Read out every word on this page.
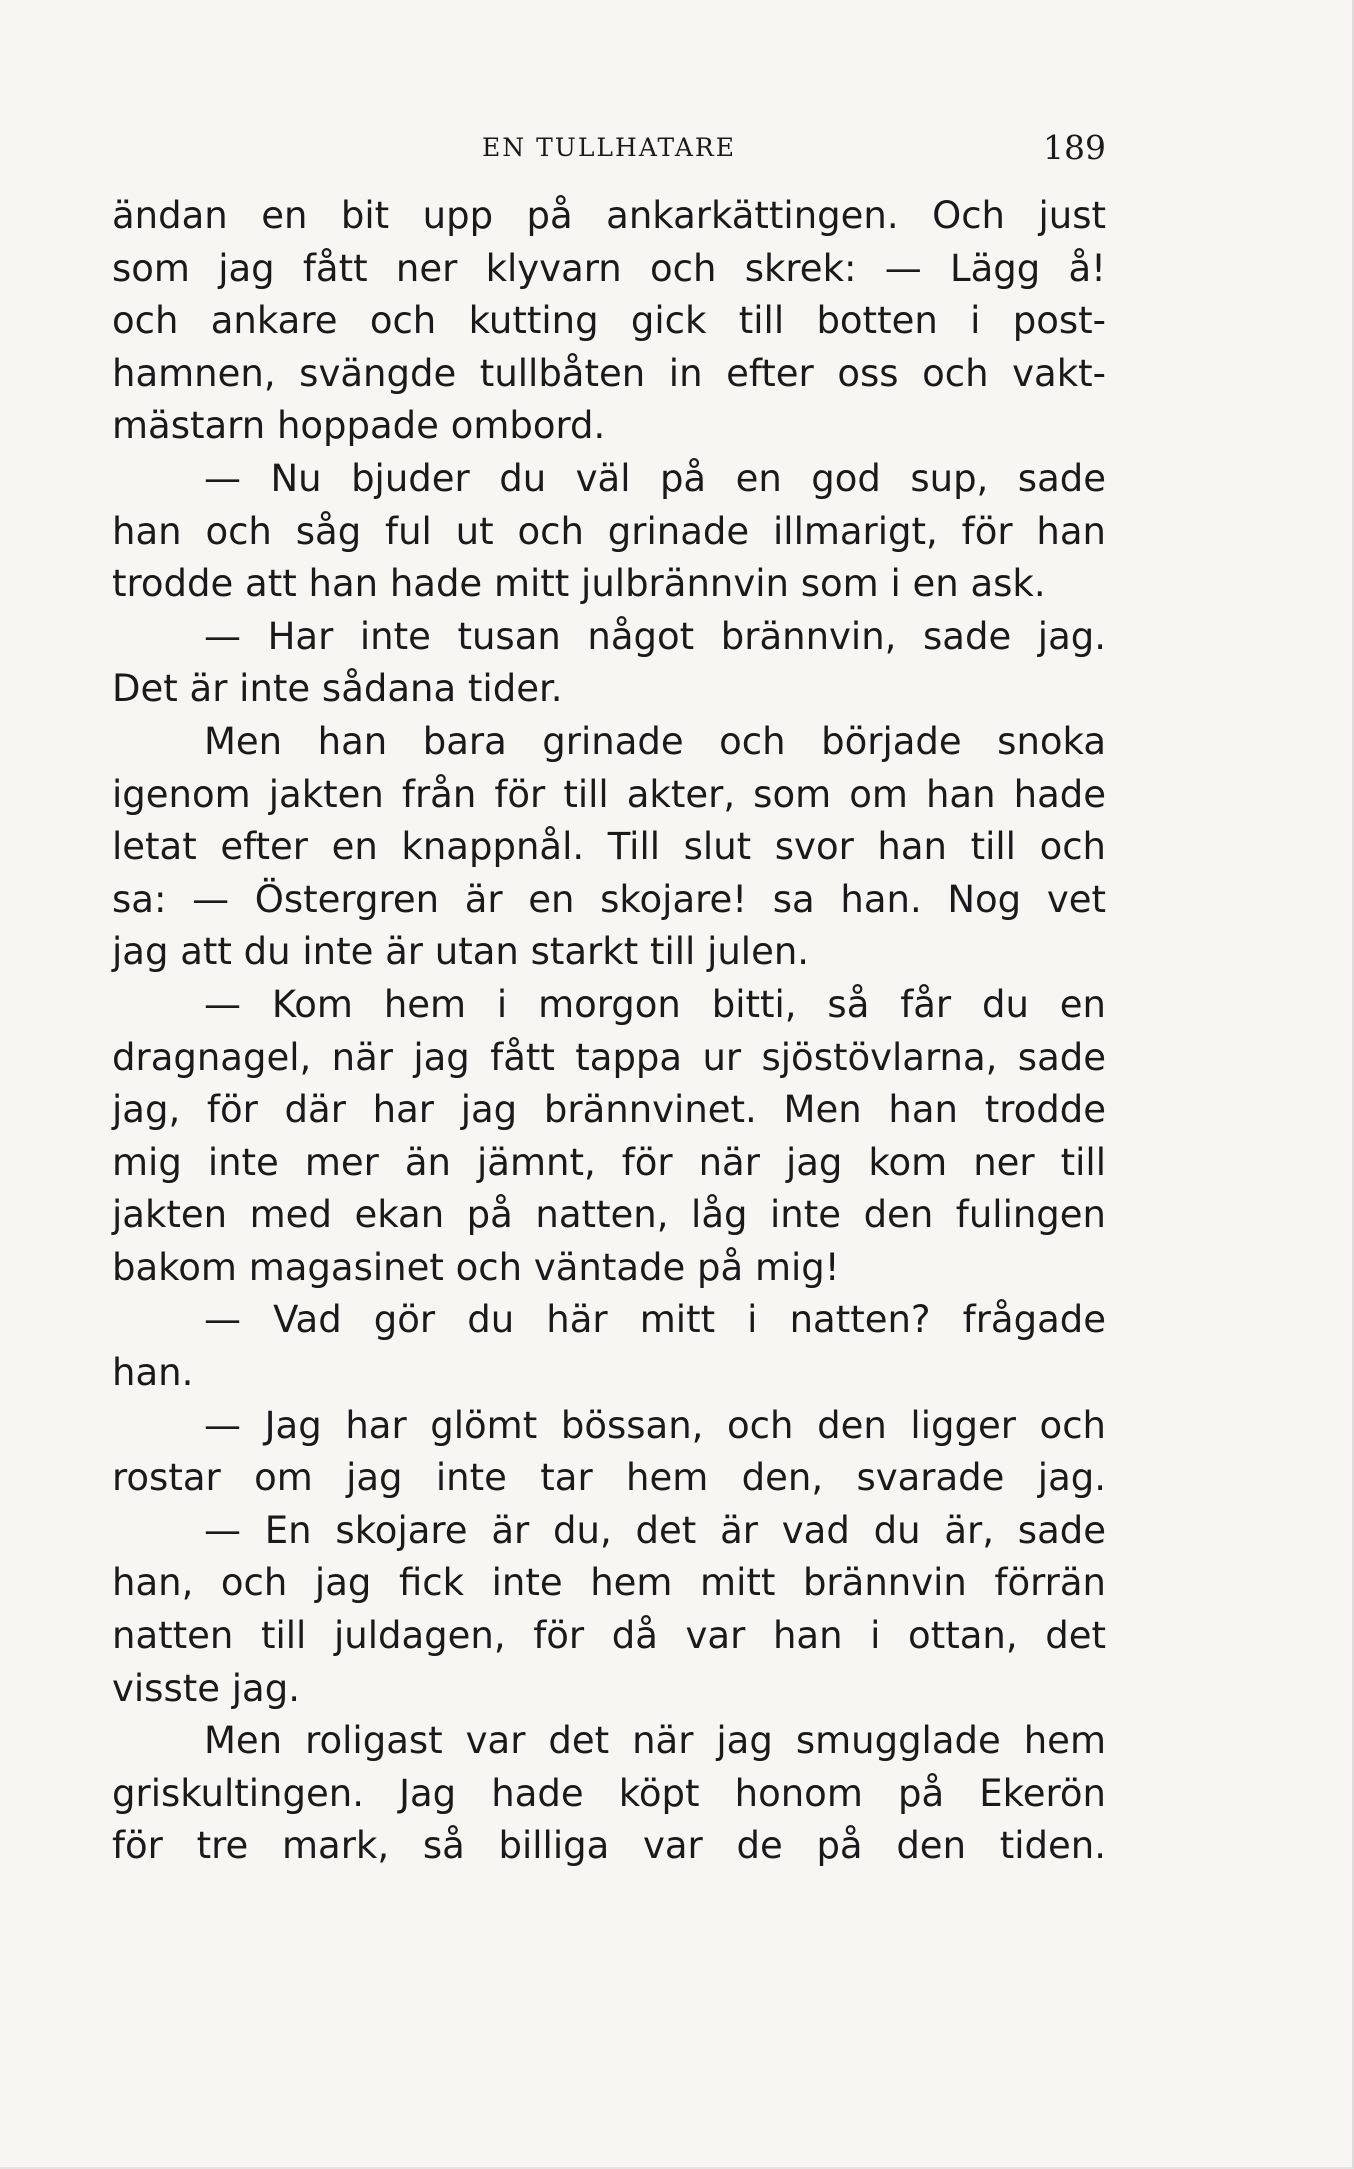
EN TULLHATARE	189
ändan en bit upp på ankarkättingen. Och just
som jag fått ner klyvarn och skrek: — Lägg å!
och ankare och kutting gick till botten i post-
hamnen, svängde tullbåten in efter oss och vakt-
mästarn hoppade ombord.
— Nu bjuder du väl på en god sup, sade
han och såg ful ut och grinade illmarigt, för han
trodde att han hade mitt julbrännvin som i en ask.
— Har inte tusan något brännvin, sade jag.
Det är inte sådana tider.
Men han bara grinade och började snoka
igenom jakten från för till akter, som om han hade
letat efter en knappnål. Till slut svor han till och
sa: — Östergren är en skojare! sa han. Nog vet
jag att du inte är utan starkt till julen.
— Kom hem i morgon bitti, så får du en
dragnagel, när jag fått tappa ur sjöstövlarna, sade
jag, för där har jag brännvinet. Men han trodde
mig inte mer än jämnt, för när jag kom ner till
jakten med ekan på natten, låg inte den fulingen
bakom magasinet och väntade på mig!
— Vad gör du här mitt i natten? frågade
han.
— Jag har glömt bössan, och den ligger och
rostar om jag inte tar hem den, svarade jag.
— En skojare är du, det är vad du är, sade
han, och jag fick inte hem mitt brännvin förrän
natten till juldagen, för då var han i ottan, det
visste jag.
Men roligast var det när jag smugglade hem
griskultingen. Jag hade köpt honom på Ekerön
för tre mark, så billiga var de på den tiden.
